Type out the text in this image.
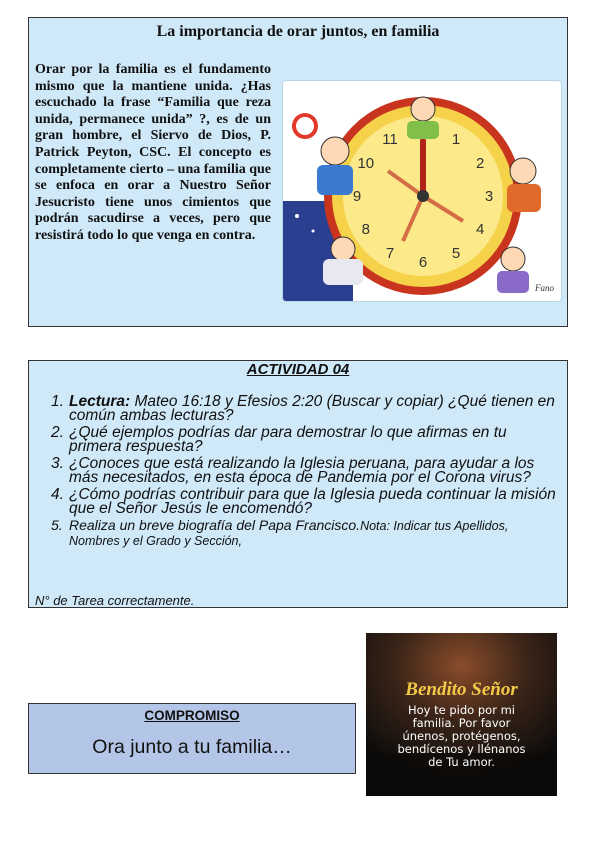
La importancia de orar juntos, en familia
Orar por la familia es el fundamento mismo que la mantiene unida. ¿Has escuchado la frase “Familia que reza unida, permanece unida” ?, es de un gran hombre, el Siervo de Dios, P. Patrick Peyton, CSC. El concepto es completamente cierto – una familia que se enfoca en orar a Nuestro Señor Jesucristo tiene unos cimientos que podrán sacudirse a veces, pero que resistirá todo lo que venga en contra.
1
2
3
4
5
6
7
8
9
10
11
Fano
ACTIVIDAD 04
1. Lectura: Mateo 16:18 y Efesios 2:20 (Buscar y copiar) ¿Qué tienen en común ambas lecturas?
2. ¿Qué ejemplos podrías dar para demostrar lo que afirmas en tu primera respuesta?
3. ¿Conoces que está realizando la Iglesia peruana, para ayudar a los más necesitados, en esta época de Pandemia por el Corona virus?
4. ¿Cómo podrías contribuir para que la Iglesia pueda continuar la misión que el Señor Jesús le encomendó?
5. Realiza un breve biografía del Papa Francisco.Nota: Indicar tus Apellidos, Nombres y el Grado y Sección,
N° de Tarea correctamente.
COMPROMISO
Ora junto a tu familia…
Bendito Señor
Hoy te pido por mi
familia. Por favor
únenos, protégenos,
bendícenos y llénanos
de Tu amor.
